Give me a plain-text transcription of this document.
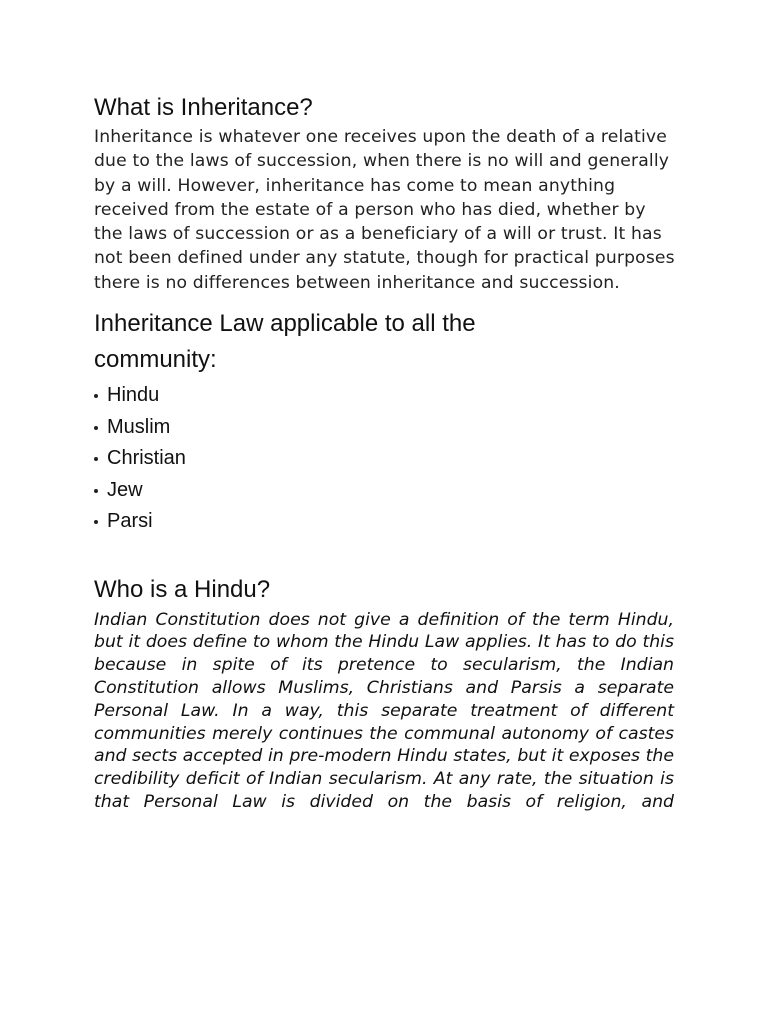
What is Inheritance?

Inheritance is whatever one receives upon the death of a relative due to the laws of succession, when there is no will and generally by a will. However, inheritance has come to mean anything received from the estate of a person who has died, whether by the laws of succession or as a beneficiary of a will or trust. It has not been defined under any statute, though for practical purposes there is no differences between inheritance and succession.

Inheritance Law applicable to all the community:
Hindu
Muslim
Christian
Jew
Parsi
Who is a Hindu?

Indian Constitution does not give a definition of the term Hindu, but it does define to whom the Hindu Law applies. It has to do this because in spite of its pretence to secularism, the Indian Constitution allows Muslims, Christians and Parsis a separate Personal Law. In a way, this separate treatment of different communities merely continues the communal autonomy of castes and sects accepted in pre-modern Hindu states, but it exposes the credibility deficit of Indian secularism. At any rate, the situation is that Personal Law is divided on the basis of religion, and
